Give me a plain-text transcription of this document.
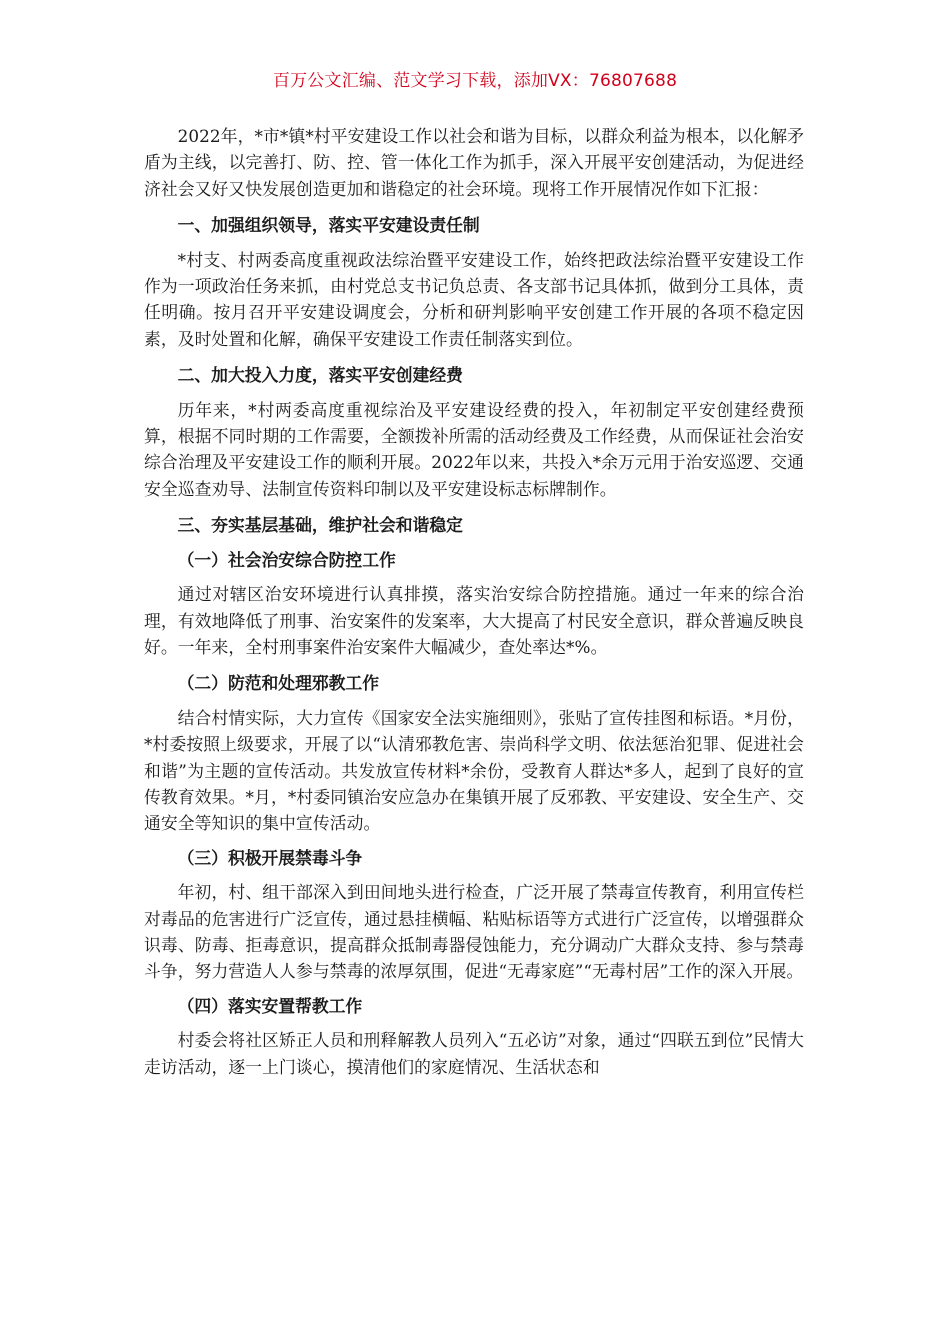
百万公文汇编、范文学习下载，添加VX：76807688

2022年，*市*镇*村平安建设工作以社会和谐为目标，以群众利益为根本，以化解矛盾为主线，以完善打、防、控、管一体化工作为抓手，深入开展平安创建活动，为促进经济社会又好又快发展创造更加和谐稳定的社会环境。现将工作开展情况作如下汇报：

一、加强组织领导，落实平安建设责任制

*村支、村两委高度重视政法综治暨平安建设工作，始终把政法综治暨平安建设工作作为一项政治任务来抓，由村党总支书记负总责、各支部书记具体抓，做到分工具体，责任明确。按月召开平安建设调度会，分析和研判影响平安创建工作开展的各项不稳定因素，及时处置和化解，确保平安建设工作责任制落实到位。

二、加大投入力度，落实平安创建经费

历年来，*村两委高度重视综治及平安建设经费的投入，年初制定平安创建经费预算，根据不同时期的工作需要，全额拨补所需的活动经费及工作经费，从而保证社会治安综合治理及平安建设工作的顺利开展。2022年以来，共投入*余万元用于治安巡逻、交通安全巡查劝导、法制宣传资料印制以及平安建设标志标牌制作。

三、夯实基层基础，维护社会和谐稳定

（一）社会治安综合防控工作

通过对辖区治安环境进行认真排摸，落实治安综合防控措施。通过一年来的综合治理，有效地降低了刑事、治安案件的发案率，大大提高了村民安全意识，群众普遍反映良好。一年来，全村刑事案件治安案件大幅减少，查处率达*%。

（二）防范和处理邪教工作

结合村情实际，大力宣传《国家安全法实施细则》，张贴了宣传挂图和标语。*月份，*村委按照上级要求，开展了以“认清邪教危害、崇尚科学文明、依法惩治犯罪、促进社会和谐”为主题的宣传活动。共发放宣传材料*余份，受教育人群达*多人，起到了良好的宣传教育效果。*月，*村委同镇治安应急办在集镇开展了反邪教、平安建设、安全生产、交通安全等知识的集中宣传活动。

（三）积极开展禁毒斗争

年初，村、组干部深入到田间地头进行检查，广泛开展了禁毒宣传教育，利用宣传栏对毒品的危害进行广泛宣传，通过悬挂横幅、粘贴标语等方式进行广泛宣传，以增强群众识毒、防毒、拒毒意识，提高群众抵制毒器侵蚀能力，充分调动广大群众支持、参与禁毒斗争，努力营造人人参与禁毒的浓厚氛围，促进“无毒家庭”“无毒村居”工作的深入开展。

（四）落实安置帮教工作

村委会将社区矫正人员和刑释解教人员列入“五必访”对象，通过“四联五到位”民情大走访活动，逐一上门谈心，摸清他们的家庭情况、生活状态和
